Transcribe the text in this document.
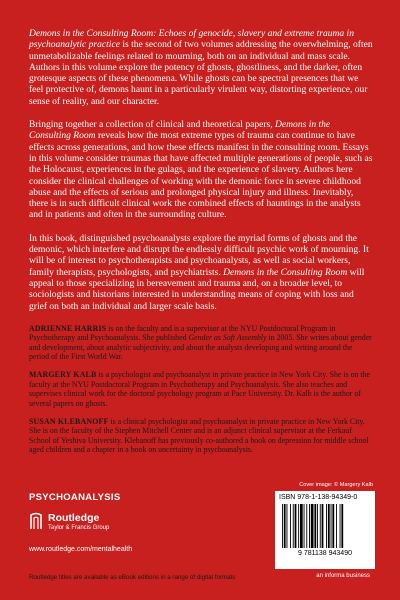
Demons in the Consulting Room: Echoes of genocide, slavery and extreme trauma in psychoanalytic practice is the second of two volumes addressing the overwhelming, often unmetabolizable feelings related to mourning, both on an individual and mass scale. Authors in this volume explore the potency of ghosts, ghostliness, and the darker, often grotesque aspects of these phenomena. While ghosts can be spectral presences that we feel protective of, demons haunt in a particularly virulent way, distorting experience, our sense of reality, and our character.

Bringing together a collection of clinical and theoretical papers, Demons in the Consulting Room reveals how the most extreme types of trauma can continue to have effects across generations, and how these effects manifest in the consulting room. Essays in this volume consider traumas that have affected multiple generations of people, such as the Holocaust, experiences in the gulags, and the experience of slavery. Authors here consider the clinical challenges of working with the demonic force in severe childhood abuse and the effects of serious and prolonged physical injury and illness. Inevitably, there is in such difficult clinical work the combined effects of hauntings in the analysts and in patients and often in the surrounding culture.

In this book, distinguished psychoanalysts explore the myriad forms of ghosts and the demonic, which interfere and disrupt the endlessly difficult psychic work of mourning. It will be of interest to psychotherapists and psychoanalysts, as well as social workers, family therapists, psychologists, and psychiatrists. Demons in the Consulting Room will appeal to those specializing in bereavement and trauma and, on a broader level, to sociologists and historians interested in understanding means of coping with loss and grief on both an individual and larger scale basis.

ADRIENNE HARRIS is on the faculty and is a supervisor at the NYU Postdoctoral Program in Psychotherapy and Psychoanalysis. She published Gender as Soft Assembly in 2005. She writes about gender and development, about analytic subjectivity, and about the analysts developing and writing around the period of the First World War.

MARGERY KALB is a psychologist and psychoanalyst in private practice in New York City. She is on the faculty at the NYU Postdoctoral Program in Psychotherapy and Psychoanalysis. She also teaches and supervises clinical work for the doctoral psychology program at Pace University. Dr. Kalb is the author of several papers on ghosts.

SUSAN KLEBANOFF is a clinical psychologist and psychoanalyst in private practice in New York City. She is on the faculty of the Stephen Mitchell Center and is an adjunct clinical supervisor at the Ferkauf School of Yeshiva University. Klebanoff has previously co-authored a book on depression for middle school aged children and a chapter in a book on uncertainty in psychoanalysis.

Cover image: © Margery Kalb
PSYCHOANALYSIS
Routledge
Taylor & Francis Group
www.routledge.com/mentalhealth
Routledge titles are available as eBook editions in a range of digital formats
ISBN 978-1-138-94349-0
9 781138 943490
an informa business
